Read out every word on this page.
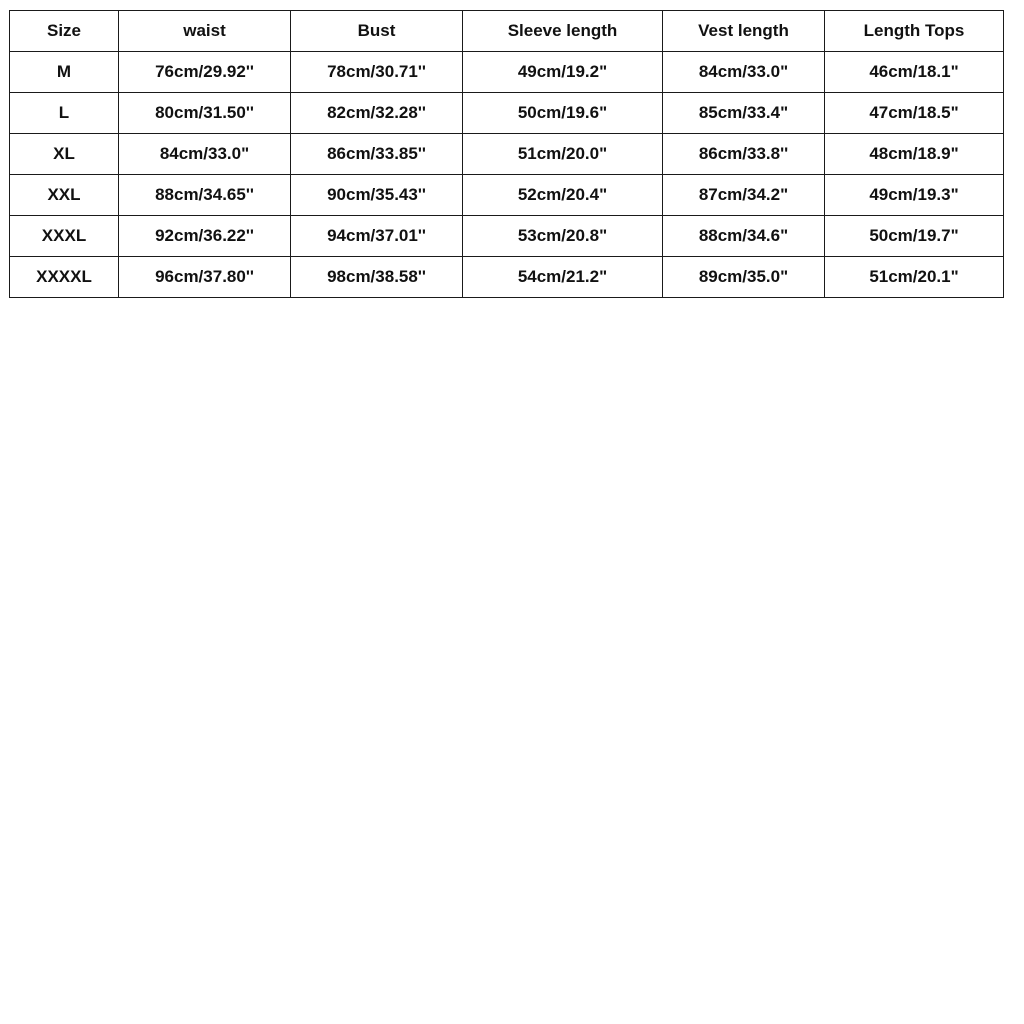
Size	waist	Bust	Sleeve length	Vest length	Length Tops
M	76cm/29.92''	78cm/30.71''	49cm/19.2"	84cm/33.0"	46cm/18.1"
L	80cm/31.50''	82cm/32.28''	50cm/19.6"	85cm/33.4"	47cm/18.5"
XL	84cm/33.0"	86cm/33.85''	51cm/20.0"	86cm/33.8''	48cm/18.9"
XXL	88cm/34.65''	90cm/35.43''	52cm/20.4"	87cm/34.2"	49cm/19.3"
XXXL	92cm/36.22''	94cm/37.01''	53cm/20.8"	88cm/34.6"	50cm/19.7"
XXXXL	96cm/37.80''	98cm/38.58''	54cm/21.2"	89cm/35.0"	51cm/20.1"
